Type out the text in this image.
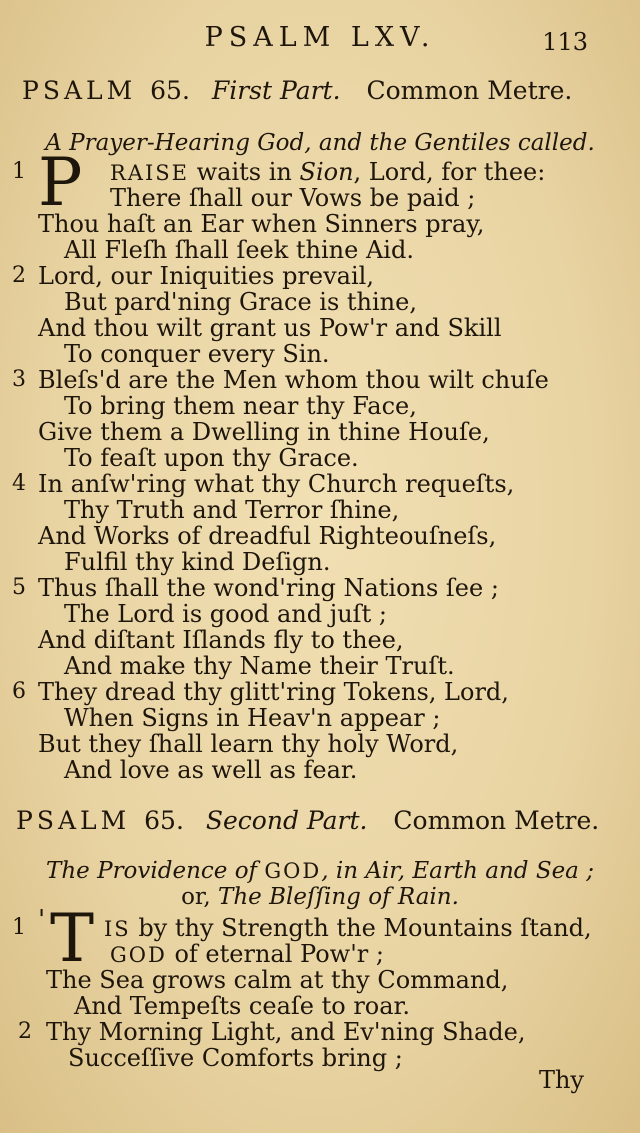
PSALM LXV.	113
PSALM 65. First Part. Common Metre.
A Prayer-Hearing God, and the Gentiles called.
1 P RAISE waits in Sion, Lord, for thee:
There ſhall our Vows be paid ;
Thou haſt an Ear when Sinners pray,
All Fleſh ſhall ſeek thine Aid.
2 Lord, our Iniquities prevail,
But pard'ning Grace is thine,
And thou wilt grant us Pow'r and Skill
To conquer every Sin.
3 Bleſs'd are the Men whom thou wilt chuſe
To bring them near thy Face,
Give them a Dwelling in thine Houſe,
To feaſt upon thy Grace.
4 In anſw'ring what thy Church requeſts,
Thy Truth and Terror ſhine,
And Works of dreadful Righteouſneſs,
Fulfil thy kind Deſign.
5 Thus ſhall the wond'ring Nations ſee ;
The Lord is good and juſt ;
And diſtant Iſlands fly to thee,
And make thy Name their Truſt.
6 They dread thy glitt'ring Tokens, Lord,
When Signs in Heav'n appear ;
But they ſhall learn thy holy Word,
And love as well as fear.
PSALM 65. Second Part. Common Metre.
The Providence of GOD, in Air, Earth and Sea ;
or, The Bleſſing of Rain.
1 ' T IS by thy Strength the Mountains ſtand,
GOD of eternal Pow'r ;
The Sea grows calm at thy Command,
And Tempeſts ceaſe to roar.
2 Thy Morning Light, and Ev'ning Shade,
Succeſſive Comforts bring ;
Thy
